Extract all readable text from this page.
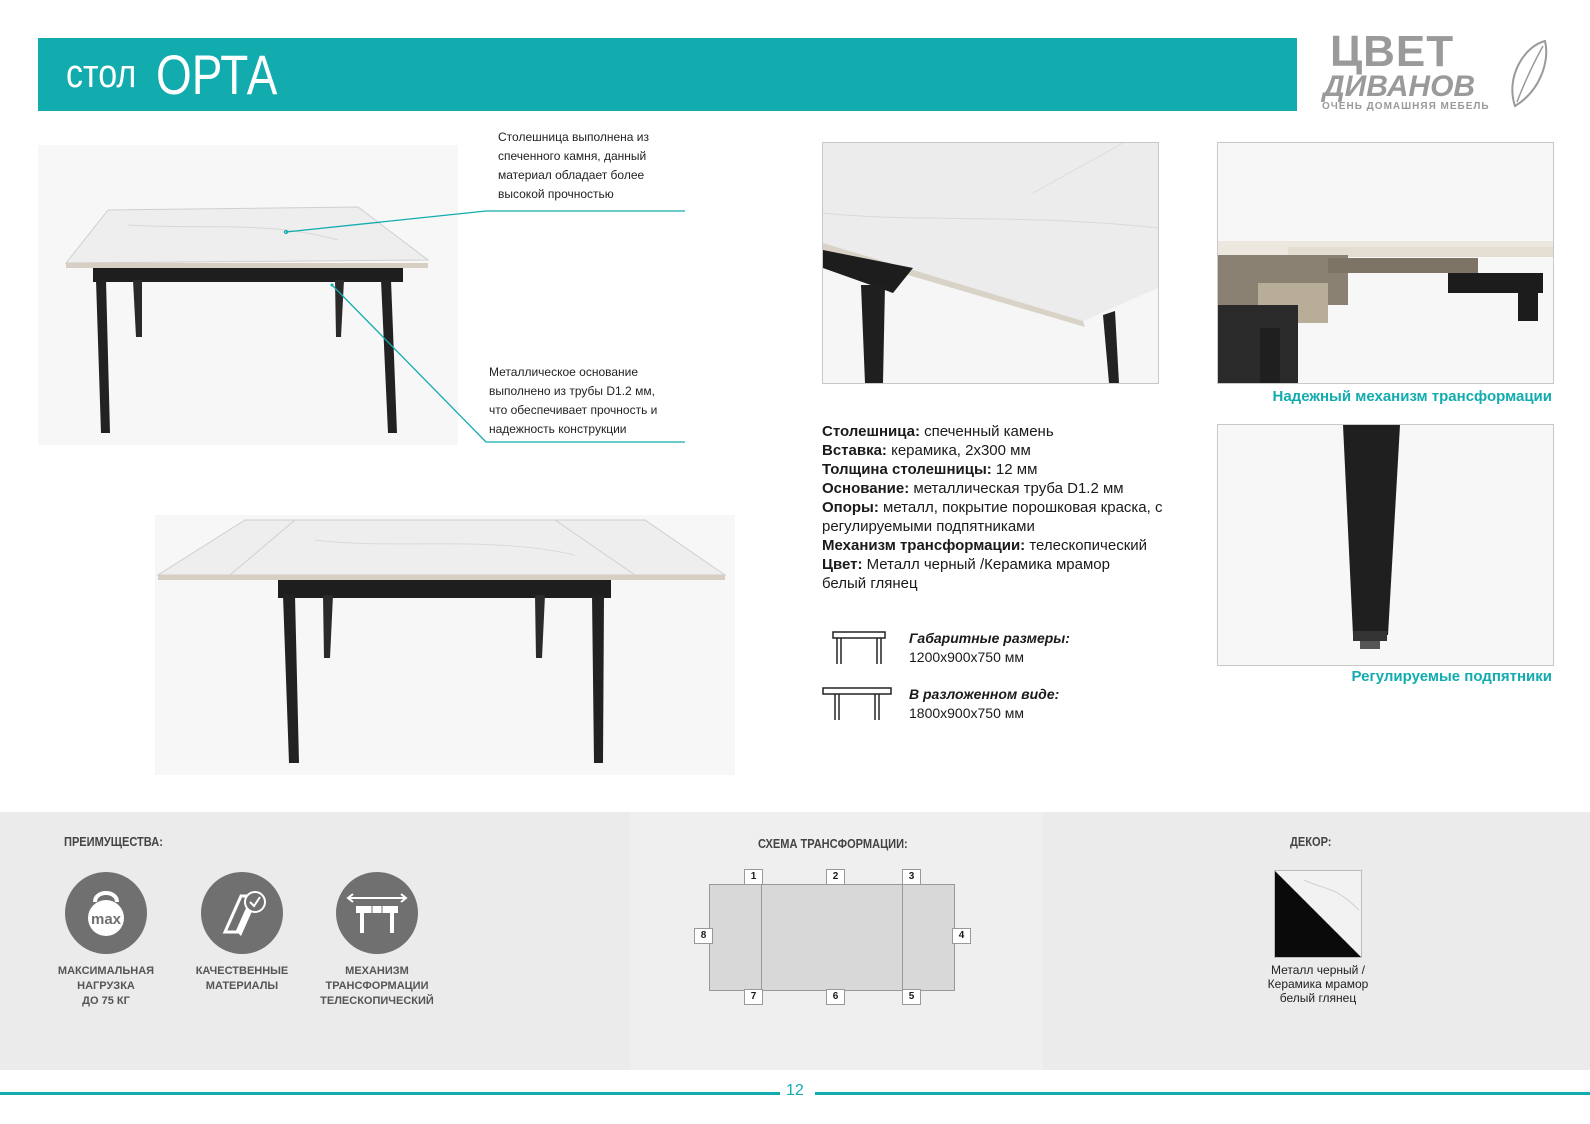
стол ОРТА	ЦВЕТ
ДИВАНОВ
ОЧЕНЬ ДОМАШНЯЯ МЕБЕЛЬ
Столешница выполнена из
спеченного камня, данный
материал обладает более
высокой прочностью
Металлическое основание
выполнено из трубы D1.2 мм,
что обеспечивает прочность и
надежность конструкции
Надежный механизм трансформации
Регулируемые подпятники
Столешница: спеченный камень
Вставка: керамика, 2х300 мм
Толщина столешницы: 12 мм
Основание: металлическая труба D1.2 мм
Опоры: металл, покрытие порошковая краска, с
регулируемыми подпятниками
Механизм трансформации: телескопический
Цвет: Металл черный /Керамика мрамор
белый глянец
Габаритные размеры:
1200х900х750 мм
В разложенном виде:
1800х900х750 мм
ПРЕИМУЩЕСТВА:
max
МАКСИМАЛЬНАЯ
НАГРУЗКА
ДО 75 КГ
КАЧЕСТВЕННЫЕ
МАТЕРИАЛЫ
МЕХАНИЗМ
ТРАНСФОРМАЦИИ
ТЕЛЕСКОПИЧЕСКИЙ
СХЕМА ТРАНСФОРМАЦИИ:
1	2	3
4
5
6
7
8
ДЕКОР:
Металл черный /
Керамика мрамор
белый глянец
12
